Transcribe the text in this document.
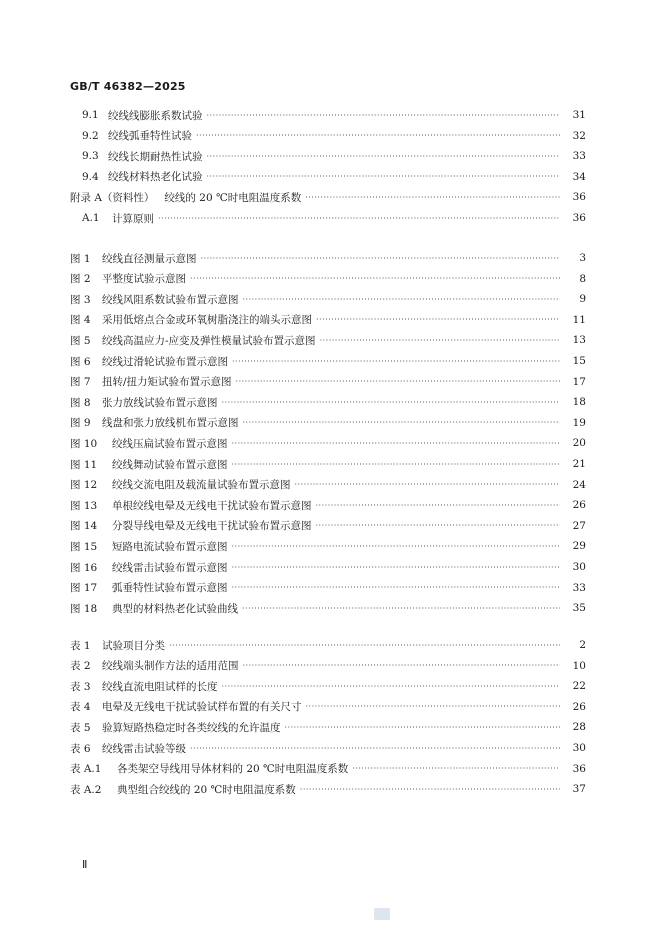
GB/T 46382—2025
9.1 绞线线膨胀系数试验 ·····	31
9.2 绞线弧垂特性试验 ·····	32
9.3 绞线长期耐热性试验 ·····	33
9.4 绞线材料热老化试验 ·····	34
附录 A（资料性） 绞线的 20 ℃时电阻温度系数 ·····	36
A.1 计算原则 ·····	36
图 1 绞线直径测量示意图 ·····	3
图 2 平整度试验示意图 ·····	8
图 3 绞线风阻系数试验布置示意图 ·····	9
图 4 采用低熔点合金或环氧树脂浇注的端头示意图 ·····	11
图 5 绞线高温应力-应变及弹性模量试验布置示意图 ·····	13
图 6 绞线过滑轮试验布置示意图 ·····	15
图 7 扭转/扭力矩试验布置示意图 ·····	17
图 8 张力放线试验布置示意图 ·····	18
图 9 线盘和张力放线机布置示意图 ·····	19
图 10 绞线压扁试验布置示意图 ·····	20
图 11 绞线舞动试验布置示意图 ·····	21
图 12 绞线交流电阻及载流量试验布置示意图 ·····	24
图 13 单根绞线电晕及无线电干扰试验布置示意图 ·····	26
图 14 分裂导线电晕及无线电干扰试验布置示意图 ·····	27
图 15 短路电流试验布置示意图 ·····	29
图 16 绞线雷击试验布置示意图 ·····	30
图 17 弧垂特性试验布置示意图 ·····	33
图 18 典型的材料热老化试验曲线 ·····	35
表 1 试验项目分类 ·····	2
表 2 绞线端头制作方法的适用范围 ·····	10
表 3 绞线直流电阻试样的长度 ·····	22
表 4 电晕及无线电干扰试验试样布置的有关尺寸 ·····	26
表 5 验算短路热稳定时各类绞线的允许温度 ·····	28
表 6 绞线雷击试验等级 ·····	30
表 A.1 各类架空导线用导体材料的 20 ℃时电阻温度系数 ·····	36
表 A.2 典型组合绞线的 20 ℃时电阻温度系数 ·····	37
Ⅱ
